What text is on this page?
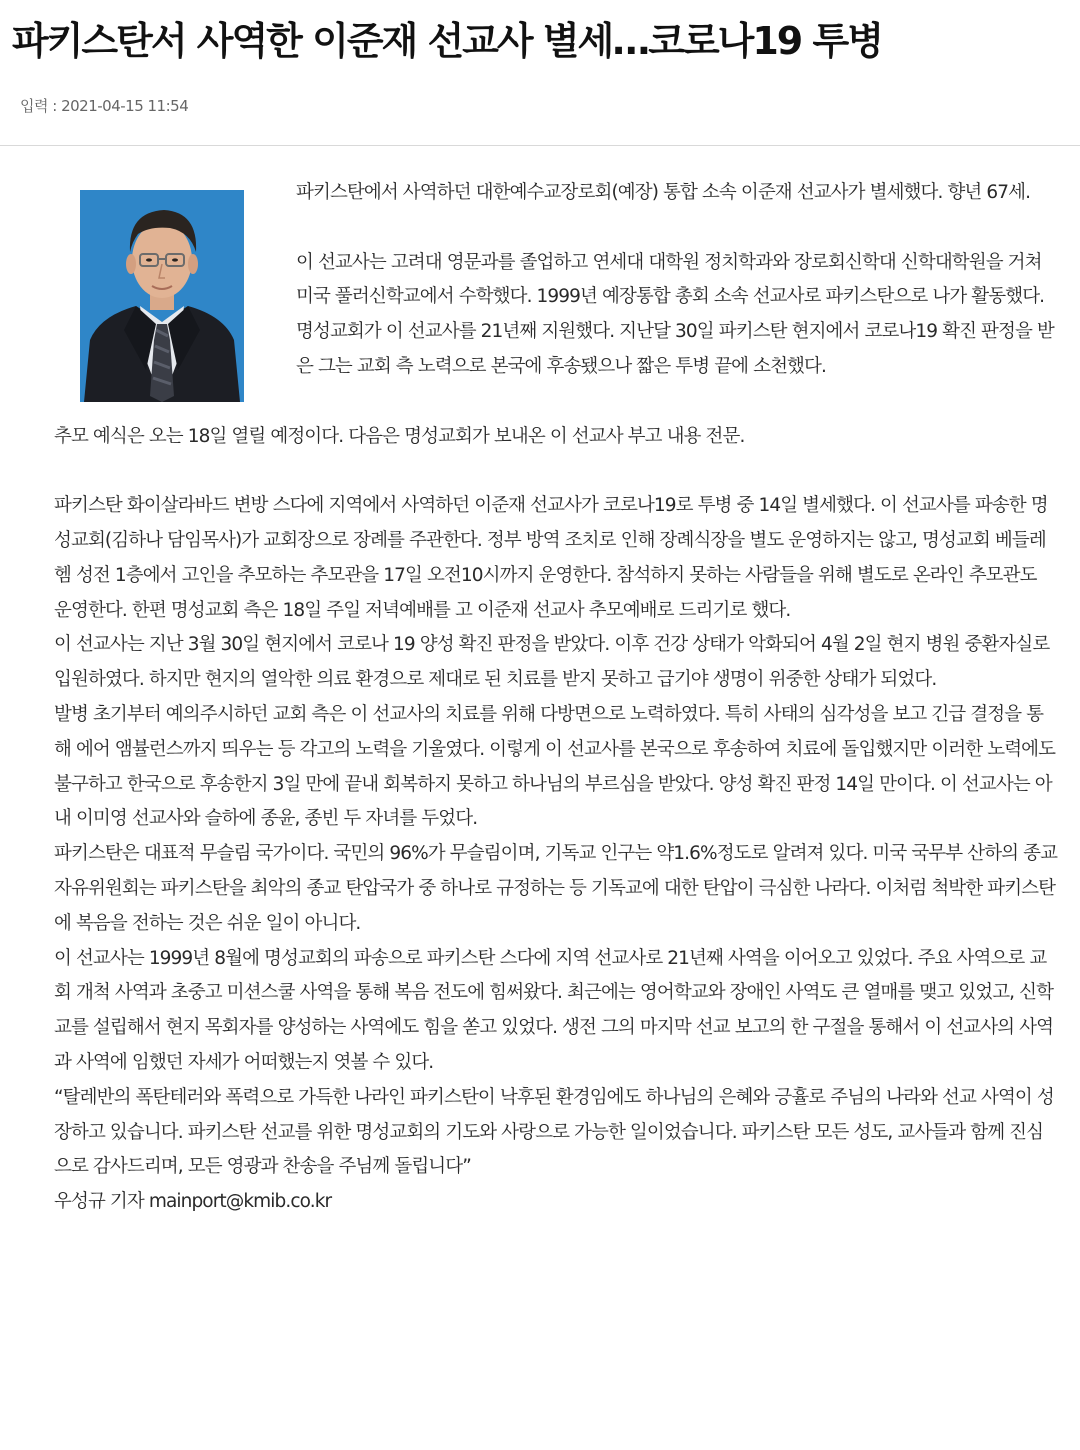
파키스탄서 사역한 이준재 선교사 별세…코로나19 투병
입력 : 2021-04-15 11:54

파키스탄에서 사역하던 대한예수교장로회(예장) 통합 소속 이준재 선교사가 별세했다. 향년 67세.

이 선교사는 고려대 영문과를 졸업하고 연세대 대학원 정치학과와 장로회신학대 신학대학원을 거쳐 미국 풀러신학교에서 수학했다. 1999년 예장통합 총회 소속 선교사로 파키스탄으로 나가 활동했다. 명성교회가 이 선교사를 21년째 지원했다. 지난달 30일 파키스탄 현지에서 코로나19 확진 판정을 받은 그는 교회 측 노력으로 본국에 후송됐으나 짧은 투병 끝에 소천했다.

추모 예식은 오는 18일 열릴 예정이다. 다음은 명성교회가 보내온 이 선교사 부고 내용 전문.

파키스탄 화이살라바드 변방 스다에 지역에서 사역하던 이준재 선교사가 코로나19로 투병 중 14일 별세했다. 이 선교사를 파송한 명성교회(김하나 담임목사)가 교회장으로 장례를 주관한다. 정부 방역 조치로 인해 장례식장을 별도 운영하지는 않고, 명성교회 베들레헴 성전 1층에서 고인을 추모하는 추모관을 17일 오전10시까지 운영한다. 참석하지 못하는 사람들을 위해 별도로 온라인 추모관도 운영한다. 한편 명성교회 측은 18일 주일 저녁예배를 고 이준재 선교사 추모예배로 드리기로 했다.

이 선교사는 지난 3월 30일 현지에서 코로나 19 양성 확진 판정을 받았다. 이후 건강 상태가 악화되어 4월 2일 현지 병원 중환자실로 입원하였다. 하지만 현지의 열악한 의료 환경으로 제대로 된 치료를 받지 못하고 급기야 생명이 위중한 상태가 되었다.

발병 초기부터 예의주시하던 교회 측은 이 선교사의 치료를 위해 다방면으로 노력하였다. 특히 사태의 심각성을 보고 긴급 결정을 통해 에어 앰뷸런스까지 띄우는 등 각고의 노력을 기울였다. 이렇게 이 선교사를 본국으로 후송하여 치료에 돌입했지만 이러한 노력에도 불구하고 한국으로 후송한지 3일 만에 끝내 회복하지 못하고 하나님의 부르심을 받았다. 양성 확진 판정 14일 만이다. 이 선교사는 아내 이미영 선교사와 슬하에 종윤, 종빈 두 자녀를 두었다.

파키스탄은 대표적 무슬림 국가이다. 국민의 96%가 무슬림이며, 기독교 인구는 약1.6%정도로 알려져 있다. 미국 국무부 산하의 종교자유위원회는 파키스탄을 최악의 종교 탄압국가 중 하나로 규정하는 등 기독교에 대한 탄압이 극심한 나라다. 이처럼 척박한 파키스탄에 복음을 전하는 것은 쉬운 일이 아니다.

이 선교사는 1999년 8월에 명성교회의 파송으로 파키스탄 스다에 지역 선교사로 21년째 사역을 이어오고 있었다. 주요 사역으로 교회 개척 사역과 초중고 미션스쿨 사역을 통해 복음 전도에 힘써왔다. 최근에는 영어학교와 장애인 사역도 큰 열매를 맺고 있었고, 신학교를 설립해서 현지 목회자를 양성하는 사역에도 힘을 쏟고 있었다. 생전 그의 마지막 선교 보고의 한 구절을 통해서 이 선교사의 사역과 사역에 임했던 자세가 어떠했는지 엿볼 수 있다.

“탈레반의 폭탄테러와 폭력으로 가득한 나라인 파키스탄이 낙후된 환경임에도 하나님의 은혜와 긍휼로 주님의 나라와 선교 사역이 성장하고 있습니다. 파키스탄 선교를 위한 명성교회의 기도와 사랑으로 가능한 일이었습니다. 파키스탄 모든 성도, 교사들과 함께 진심으로 감사드리며, 모든 영광과 찬송을 주님께 돌립니다”

우성규 기자 mainport@kmib.co.kr
